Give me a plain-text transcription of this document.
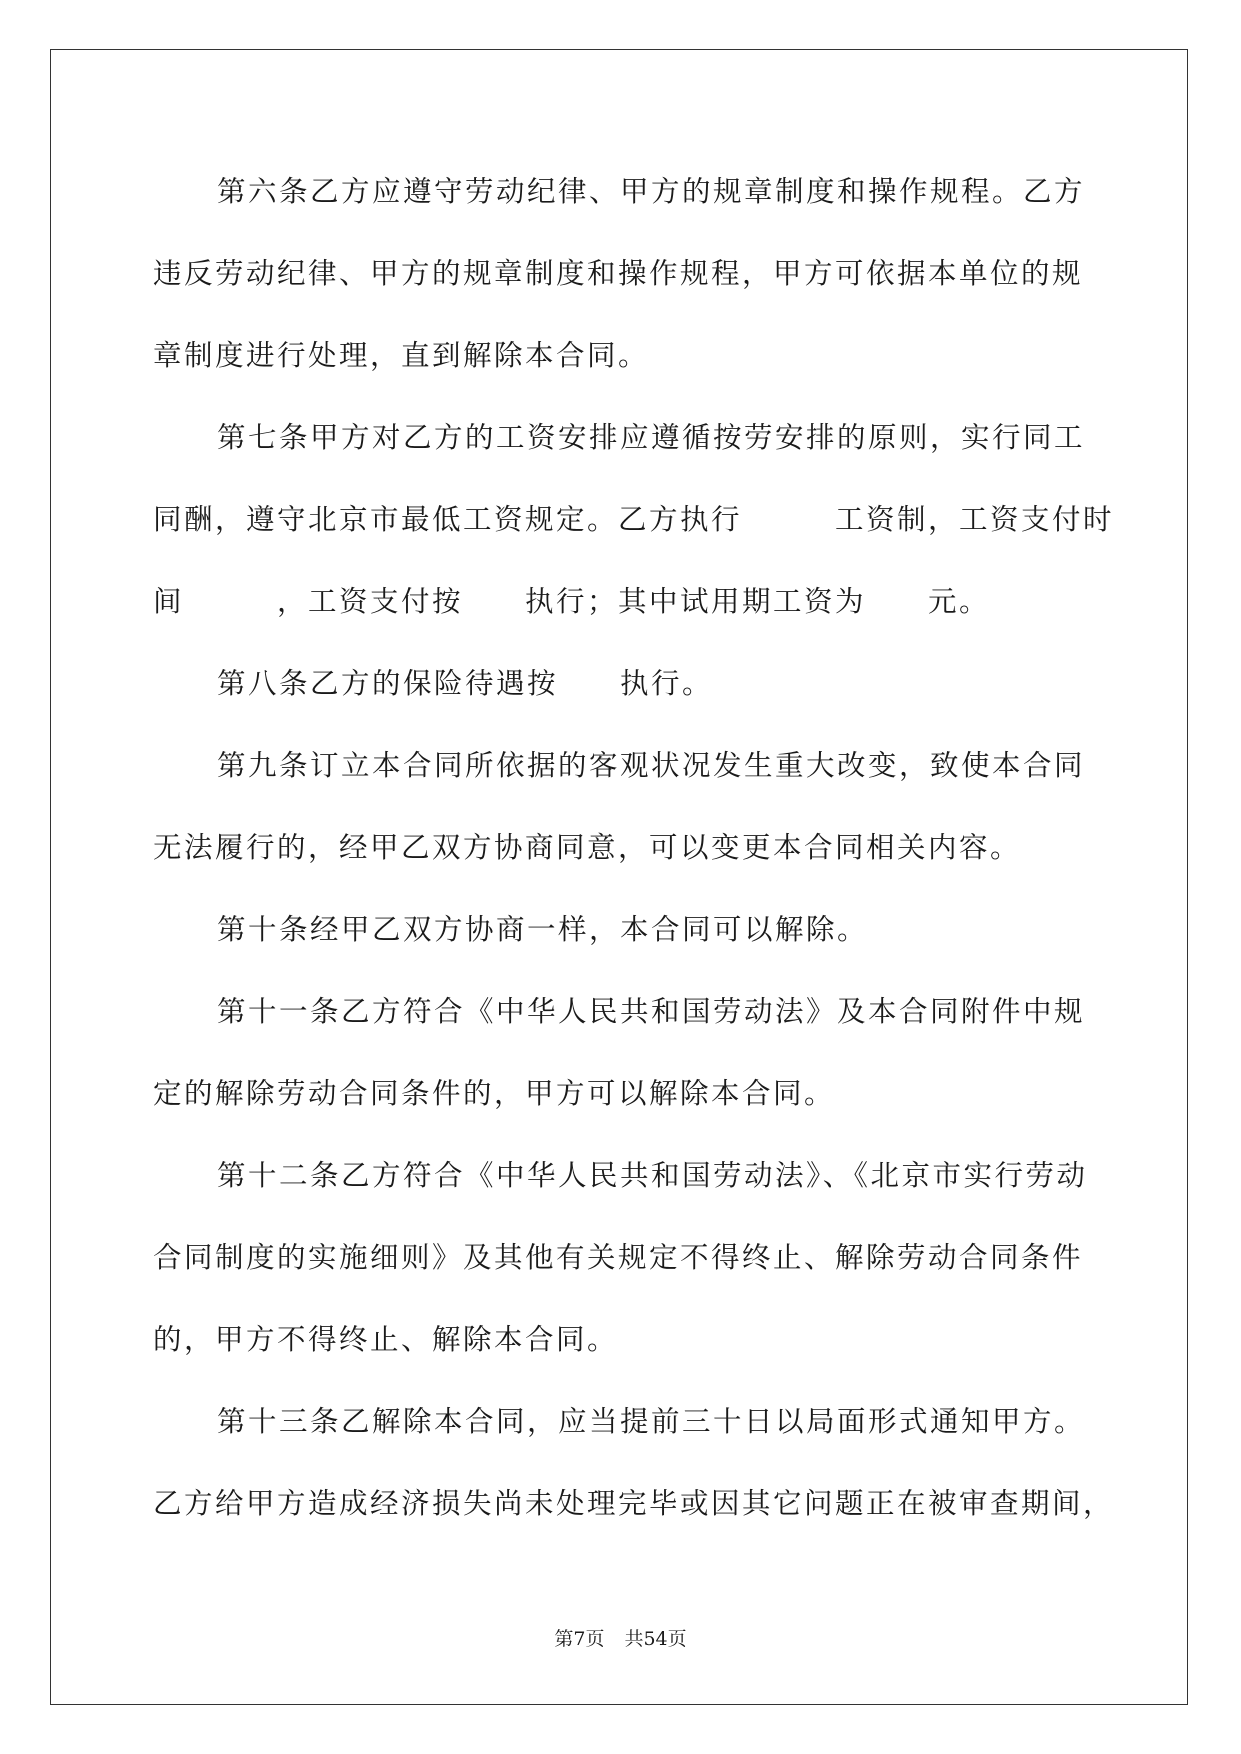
第六条乙方应遵守劳动纪律、甲方的规章制度和操作规程。乙方
违反劳动纪律、甲方的规章制度和操作规程，甲方可依据本单位的规
章制度进行处理，直到解除本合同。

第七条甲方对乙方的工资安排应遵循按劳安排的原则，实行同工
同酬，遵守北京市最低工资规定。乙方执行　　　工资制，工资支付时
间　　　，工资支付按　　执行；其中试用期工资为　　元。

第八条乙方的保险待遇按　　执行。

第九条订立本合同所依据的客观状况发生重大改变，致使本合同
无法履行的，经甲乙双方协商同意，可以变更本合同相关内容。

第十条经甲乙双方协商一样，本合同可以解除。

第十一条乙方符合《中华人民共和国劳动法》及本合同附件中规
定的解除劳动合同条件的，甲方可以解除本合同。

第十二条乙方符合《中华人民共和国劳动法》、《北京市实行劳动
合同制度的实施细则》及其他有关规定不得终止、解除劳动合同条件
的，甲方不得终止、解除本合同。

第十三条乙解除本合同，应当提前三十日以局面形式通知甲方。
乙方给甲方造成经济损失尚未处理完毕或因其它问题正在被审查期间，

第7页 共54页
